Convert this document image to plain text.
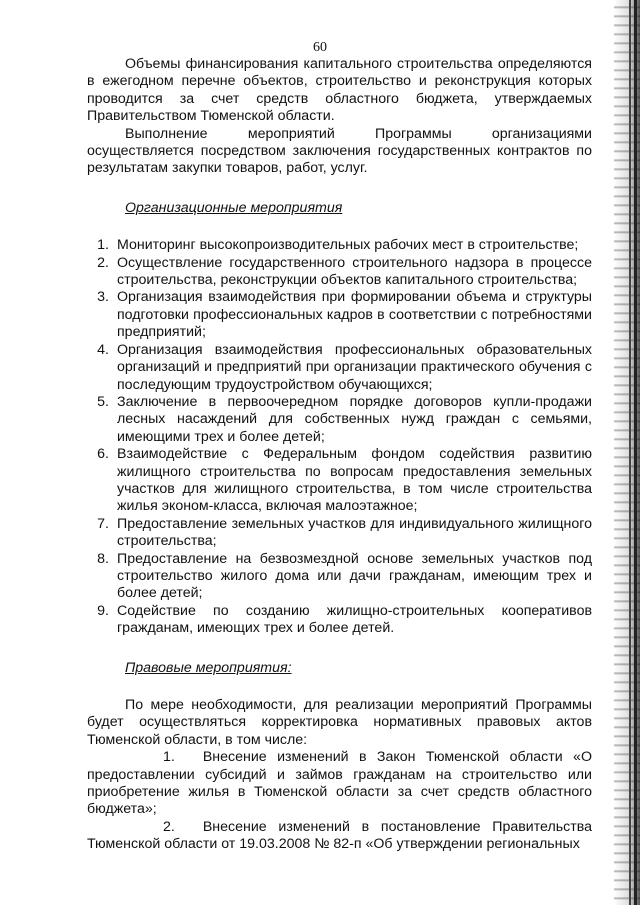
60

Объемы финансирования капитального строительства определяются в ежегодном перечне объектов, строительство и реконструкция которых проводится за счет средств областного бюджета, утверждаемых Правительством Тюменской области.

Выполнение мероприятий Программы организациями осуществляется посредством заключения государственных контрактов по результатам закупки товаров, работ, услуг.

Организационные мероприятия
1. Мониторинг высокопроизводительных рабочих мест в строительстве;
2. Осуществление государственного строительного надзора в процессе строительства, реконструкции объектов капитального строительства;
3. Организация взаимодействия при формировании объема и структуры подготовки профессиональных кадров в соответствии с потребностями предприятий;
4. Организация взаимодействия профессиональных образовательных организаций и предприятий при организации практического обучения с последующим трудоустройством обучающихся;
5. Заключение в первоочередном порядке договоров купли-продажи лесных насаждений для собственных нужд граждан с семьями, имеющими трех и более детей;
6. Взаимодействие с Федеральным фондом содействия развитию жилищного строительства по вопросам предоставления земельных участков для жилищного строительства, в том числе строительства жилья эконом-класса, включая малоэтажное;
7. Предоставление земельных участков для индивидуального жилищного строительства;
8. Предоставление на безвозмездной основе земельных участков под строительство жилого дома или дачи гражданам, имеющим трех и более детей;
9. Содействие по созданию жилищно-строительных кооперативов гражданам, имеющих трех и более детей.
Правовые мероприятия:

По мере необходимости, для реализации мероприятий Программы будет осуществляться корректировка нормативных правовых актов Тюменской области, в том числе:

1. Внесение изменений в Закон Тюменской области «О предоставлении субсидий и займов гражданам на строительство или приобретение жилья в Тюменской области за счет средств областного бюджета»;

2. Внесение изменений в постановление Правительства Тюменской области от 19.03.2008 № 82-п «Об утверждении региональных
